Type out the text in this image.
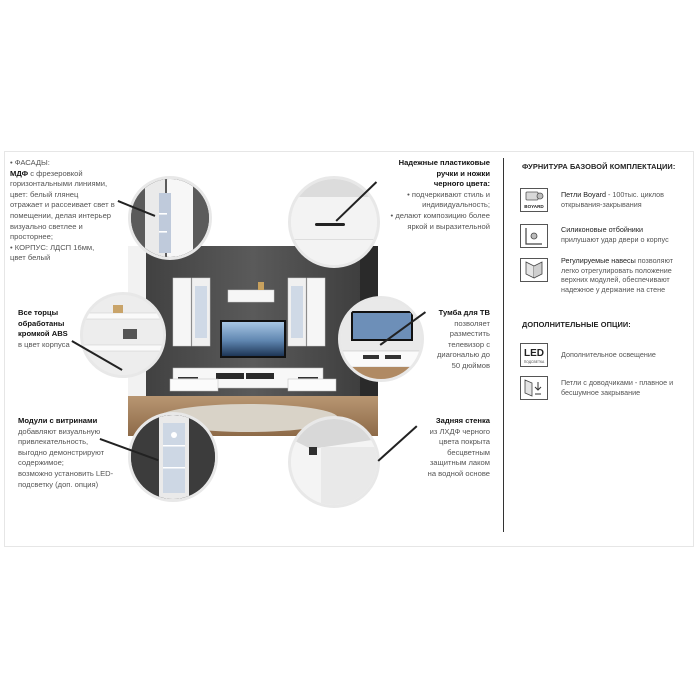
• ФАСАДЫ:
МДФ с фрезеровкой
горизонтальными линиями,
цвет: белый глянец
отражает и рассеивает свет в
помещении, делая интерьер
визуально светлее и
просторнее;
• КОРПУС: ЛДСП 16мм,
цвет белый
Все торцы
обработаны
кромкой ABS
в цвет корпуса
Модули с витринами
добавляют визуальную
привлекательность,
выгодно демонстрируют
содержимое;
возможно установить LED-
подсветку (доп. опция)
Надежные пластиковые
ручки и ножки
черного цвета:
• подчеркивают стиль и
индивидуальность;
• делают композицию более
яркой и выразительной
Тумба для ТВ
позволяет
разместить
телевизор с
диагональю до
50 дюймов
Задняя стенка
из ЛХДФ черного
цвета покрыта
бесцветным
защитным лаком
на водной основе
ФУРНИТУРА БАЗОВОЙ КОМПЛЕКТАЦИИ:
BOYARD
Петли Boyard - 100тыс. циклов открывания-закрывания
Силиконовые отбойники
прилушают удар двери о корпус
Регулируемые навесы позволяют легко отрегулировать положение верхних модулей, обеспечивают надежное у держание на стене
ДОПОЛНИТЕЛЬНЫЕ ОПЦИИ:
LED
ПОДСВЕТКА
Дополнительное освещение
Петли с доводчиками - плавное и бесшумное закрывание
